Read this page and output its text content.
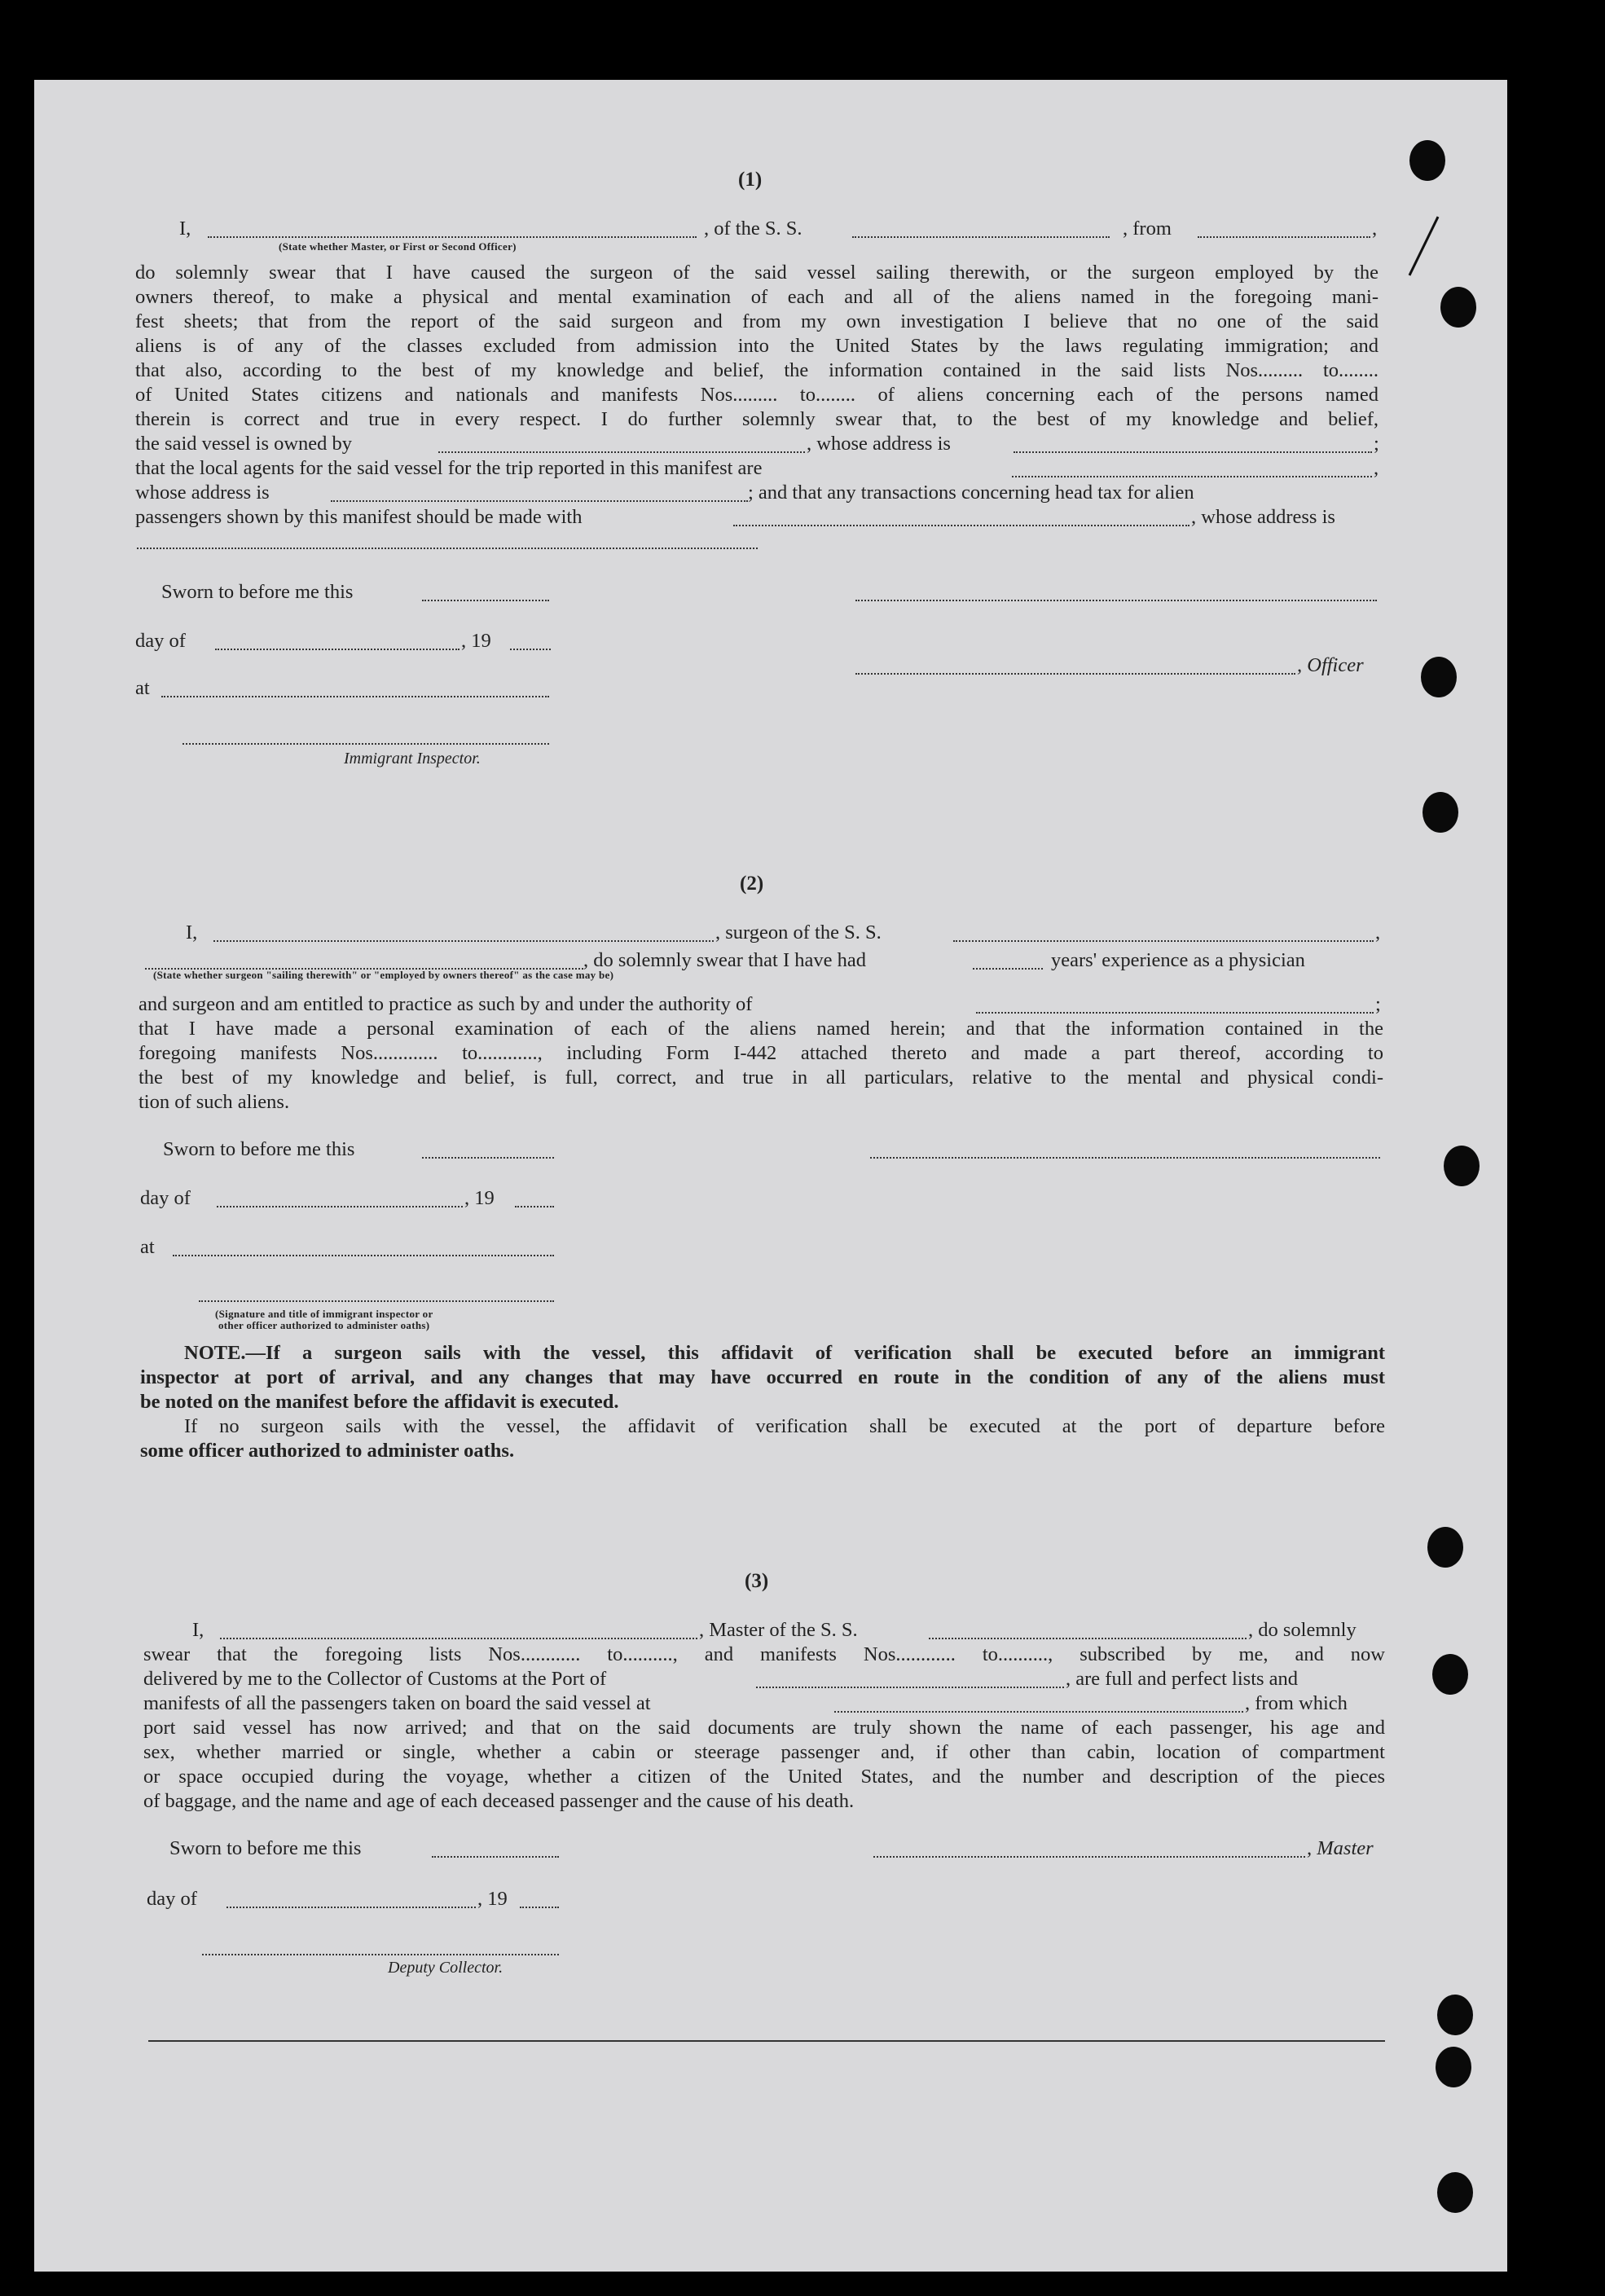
(1)
I,	, of the S. S.	, from	,
(State whether Master, or First or Second Officer)
do solemnly swear that I have caused the surgeon of the said vessel sailing therewith, or the surgeon employed by the
owners thereof, to make a physical and mental examination of each and all of the aliens named in the foregoing mani-
fest sheets; that from the report of the said surgeon and from my own investigation I believe that no one of the said
aliens is of any of the classes excluded from admission into the United States by the laws regulating immigration; and
that also, according to the best of my knowledge and belief, the information contained in the said lists Nos......... to........
of United States citizens and nationals and manifests Nos......... to........ of aliens concerning each of the persons named
therein is correct and true in every respect. I do further solemnly swear that, to the best of my knowledge and belief,
the said vessel is owned by	, whose address is	;
that the local agents for the said vessel for the trip reported in this manifest are	,
whose address is	; and that any transactions concerning head tax for alien
passengers shown by this manifest should be made with	, whose address is
Sworn to before me this
day of	, 19
, Officer
at
Immigrant Inspector.
(2)
I,	, surgeon of the S. S.	,
, do solemnly swear that I have had	years' experience as a physician
(State whether surgeon "sailing therewith" or "employed by owners thereof" as the case may be)
and surgeon and am entitled to practice as such by and under the authority of	;
that I have made a personal examination of each of the aliens named herein; and that the information contained in the
foregoing manifests Nos............. to............, including Form I-442 attached thereto and made a part thereof, according to
the best of my knowledge and belief, is full, correct, and true in all particulars, relative to the mental and physical condi-
tion of such aliens.
Sworn to before me this
day of	, 19
at
(Signature and title of immigrant inspector or
other officer authorized to administer oaths)
NOTE.—If a surgeon sails with the vessel, this affidavit of verification shall be executed before an immigrant
inspector at port of arrival, and any changes that may have occurred en route in the condition of any of the aliens must
be noted on the manifest before the affidavit is executed.
If no surgeon sails with the vessel, the affidavit of verification shall be executed at the port of departure before
some officer authorized to administer oaths.
(3)
I,	, Master of the S. S.	, do solemnly
swear that the foregoing lists Nos............ to.........., and manifests Nos............ to.........., subscribed by me, and now
delivered by me to the Collector of Customs at the Port of	, are full and perfect lists and
manifests of all the passengers taken on board the said vessel at	, from which
port said vessel has now arrived; and that on the said documents are truly shown the name of each passenger, his age and
sex, whether married or single, whether a cabin or steerage passenger and, if other than cabin, location of compartment
or space occupied during the voyage, whether a citizen of the United States, and the number and description of the pieces
of baggage, and the name and age of each deceased passenger and the cause of his death.
Sworn to before me this	, Master
day of	, 19
Deputy Collector.
